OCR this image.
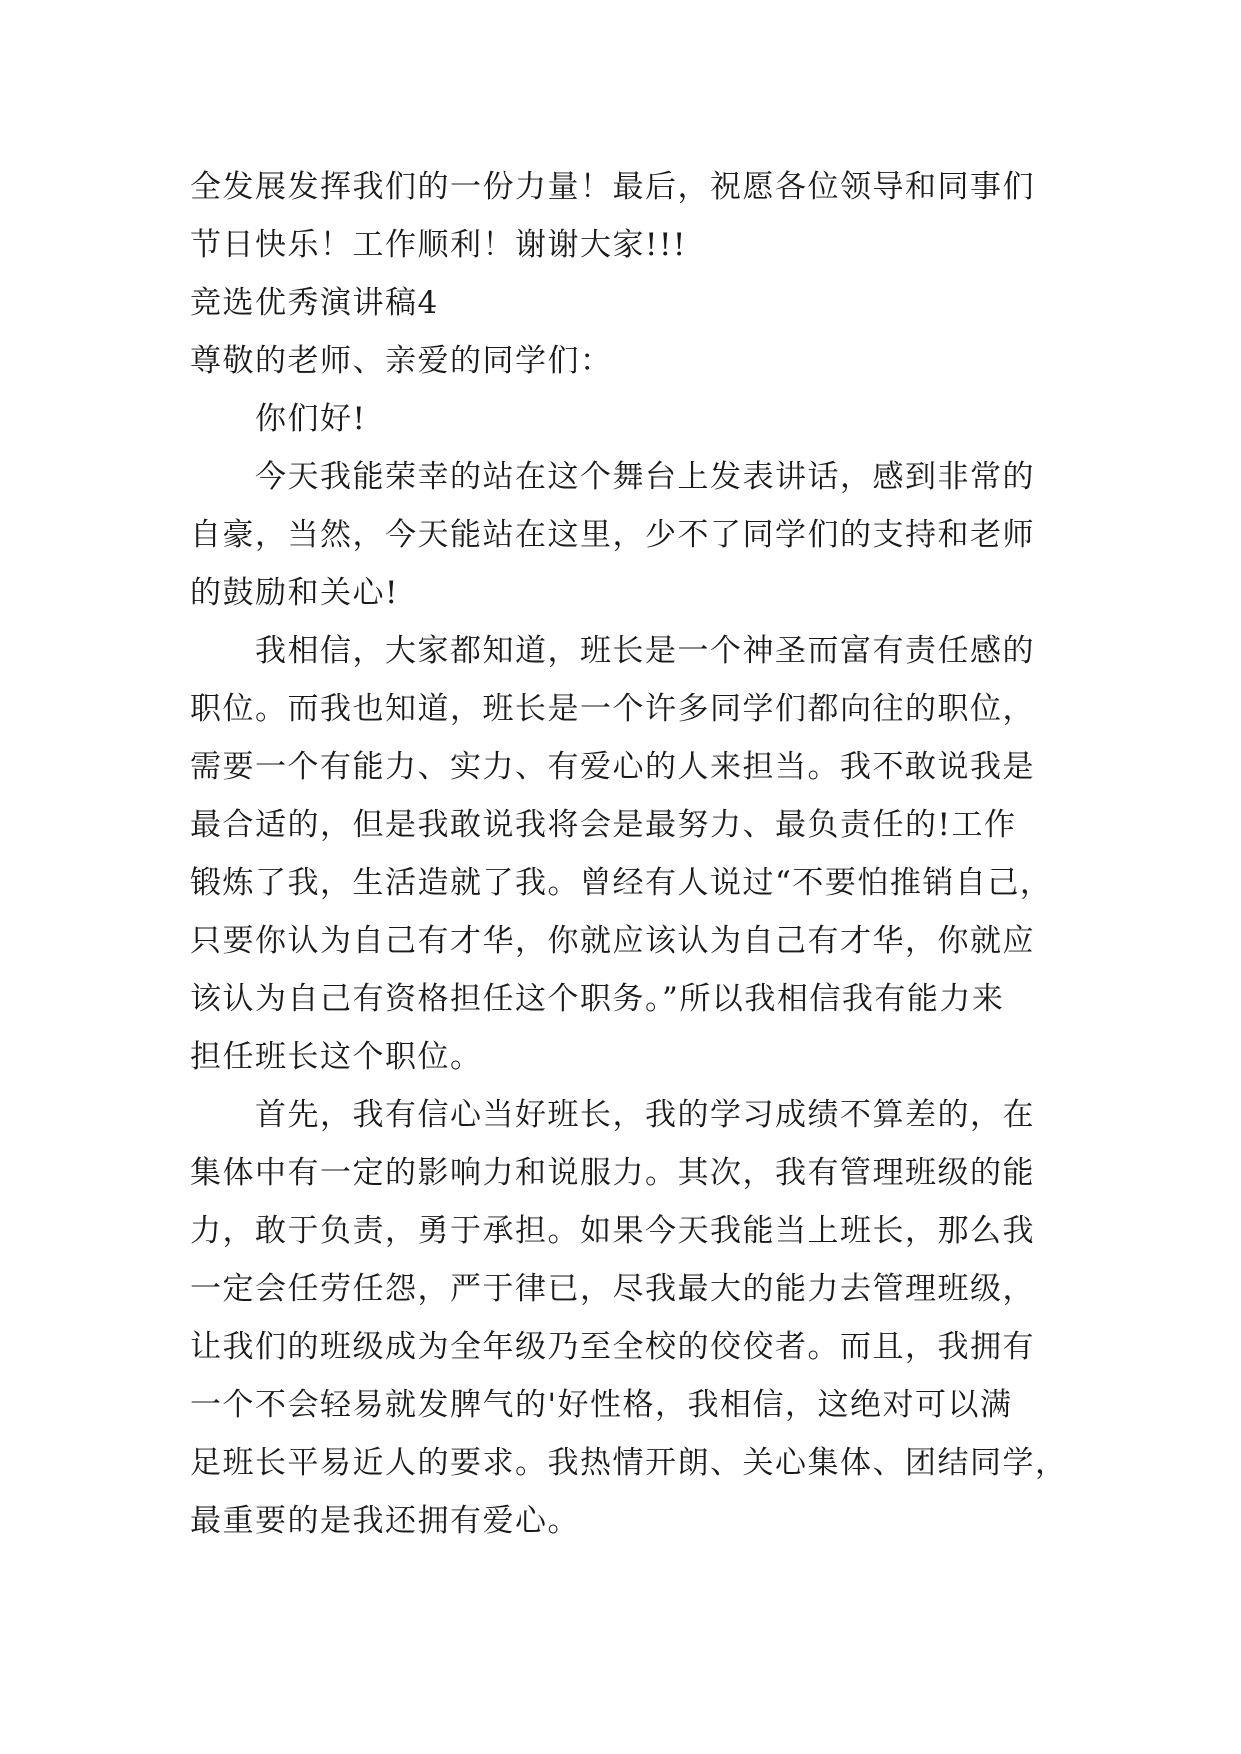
全发展发挥我们的一份力量！最后，祝愿各位领导和同事们
节日快乐！工作顺利！谢谢大家!!!
竞选优秀演讲稿4
尊敬的老师、亲爱的同学们：
　　你们好!
　　今天我能荣幸的站在这个舞台上发表讲话，感到非常的
自豪，当然，今天能站在这里，少不了同学们的支持和老师
的鼓励和关心!
　　我相信，大家都知道，班长是一个神圣而富有责任感的
职位。而我也知道，班长是一个许多同学们都向往的职位，
需要一个有能力、实力、有爱心的人来担当。我不敢说我是
最合适的，但是我敢说我将会是最努力、最负责任的!工作
锻炼了我，生活造就了我。曾经有人说过“不要怕推销自己，
只要你认为自己有才华，你就应该认为自己有才华，你就应
该认为自己有资格担任这个职务。”所以我相信我有能力来
担任班长这个职位。
　　首先，我有信心当好班长，我的学习成绩不算差的，在
集体中有一定的影响力和说服力。其次，我有管理班级的能
力，敢于负责，勇于承担。如果今天我能当上班长，那么我
一定会任劳任怨，严于律已，尽我最大的能力去管理班级，
让我们的班级成为全年级乃至全校的佼佼者。而且，我拥有
一个不会轻易就发脾气的'好性格，我相信，这绝对可以满
足班长平易近人的要求。我热情开朗、关心集体、团结同学，
最重要的是我还拥有爱心。
